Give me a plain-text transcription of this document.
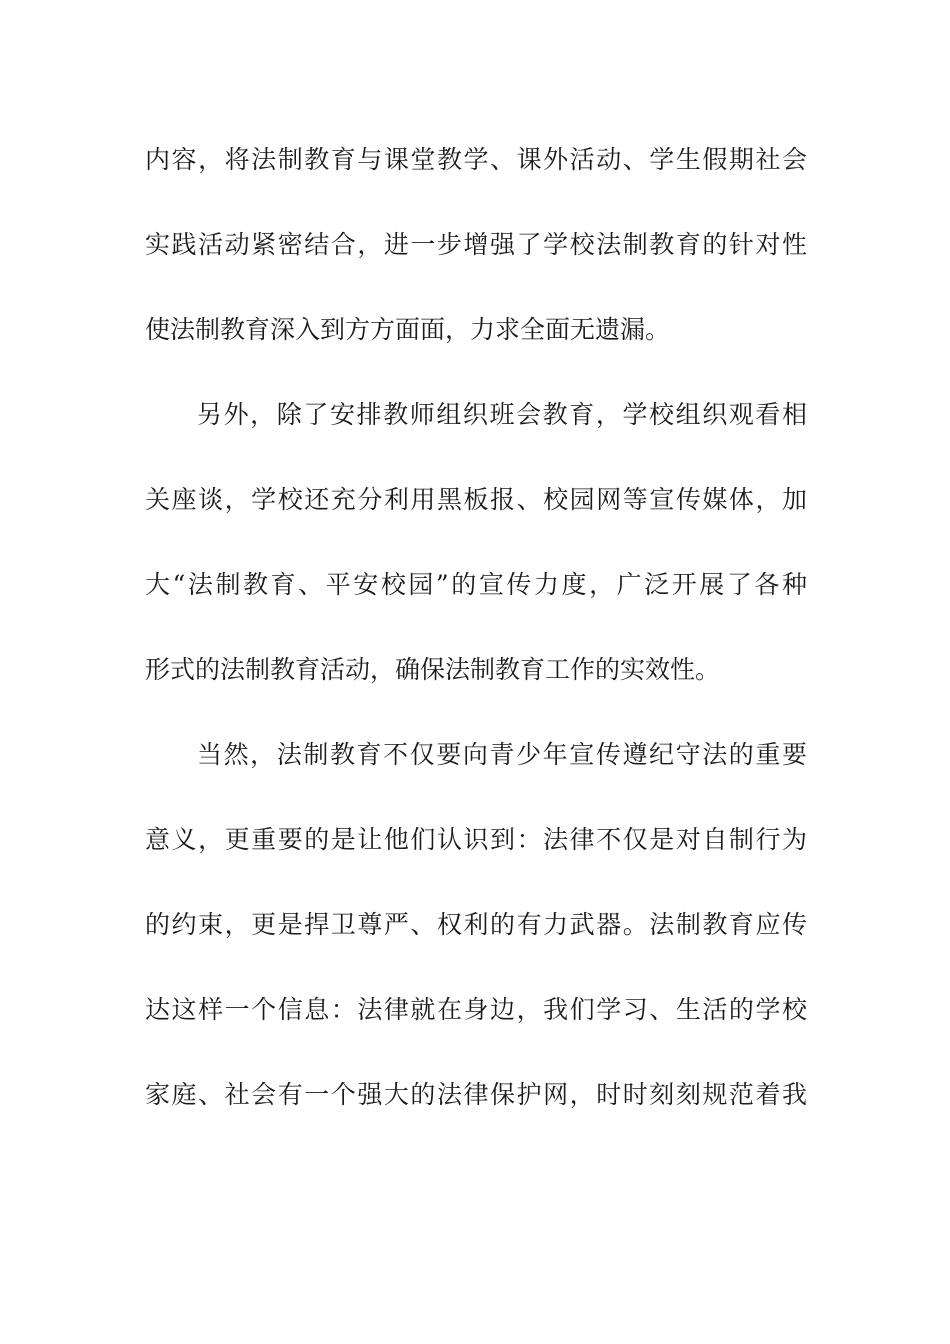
内容，将法制教育与课堂教学、课外活动、学生假期社会
实践活动紧密结合，进一步增强了学校法制教育的针对性
使法制教育深入到方方面面，力求全面无遗漏。
另外，除了安排教师组织班会教育，学校组织观看相
关座谈，学校还充分利用黑板报、校园网等宣传媒体，加
大“法制教育、平安校园”的宣传力度，广泛开展了各种
形式的法制教育活动，确保法制教育工作的实效性。
当然，法制教育不仅要向青少年宣传遵纪守法的重要
意义，更重要的是让他们认识到：法律不仅是对自制行为
的约束，更是捍卫尊严、权利的有力武器。法制教育应传
达这样一个信息：法律就在身边，我们学习、生活的学校
家庭、社会有一个强大的法律保护网，时时刻刻规范着我
